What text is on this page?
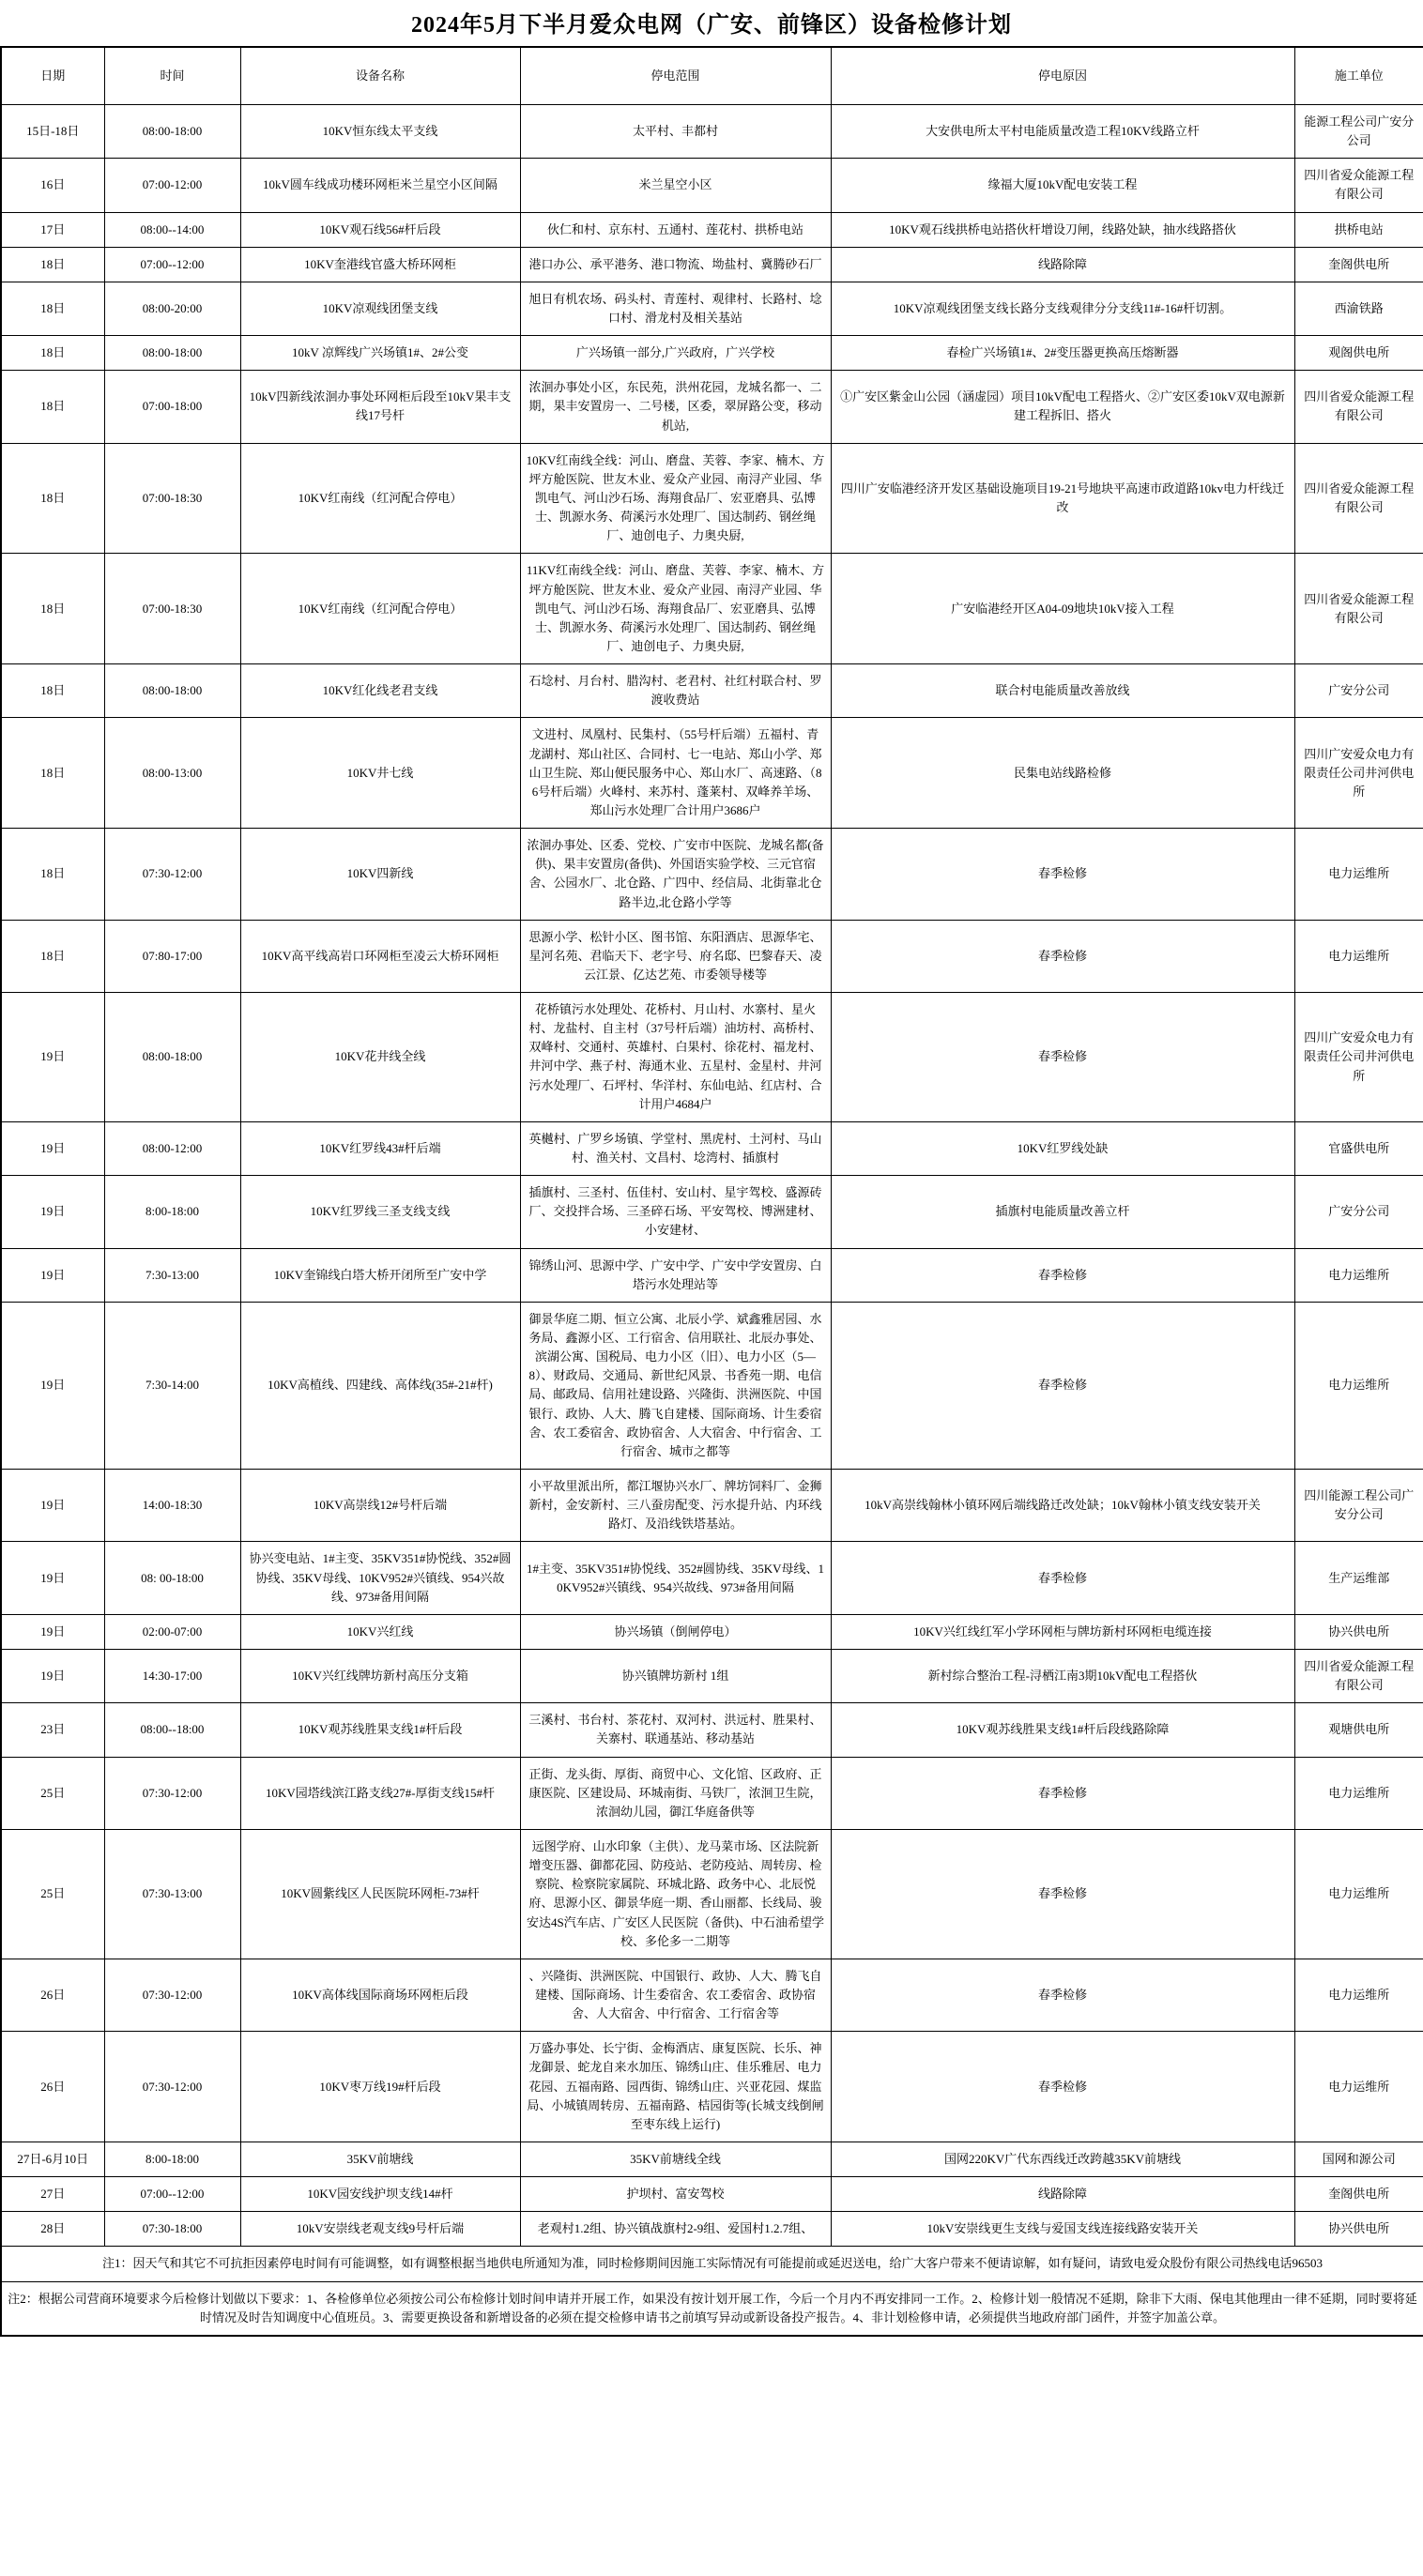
2024年5月下半月爱众电网（广安、前锋区）设备检修计划
日期	时间	设备名称	停电范围	停电原因	施工单位
15日-18日	08:00-18:00	10KV恒东线太平支线	太平村、丰都村	大安供电所太平村电能质量改造工程10KV线路立杆	能源工程公司广安分公司
16日	07:00-12:00	10kV圆车线成功楼环网柜米兰星空小区间隔	米兰星空小区	缘福大厦10kV配电安装工程	四川省爱众能源工程有限公司
17日	08:00--14:00	10KV观石线56#杆后段	伙仁和村、京东村、五通村、莲花村、拱桥电站	10KV观石线拱桥电站搭伙杆增设刀闸，线路处缺，抽水线路搭伙	拱桥电站
18日	07:00--12:00	10KV奎港线官盛大桥环网柜	港口办公、承平港务、港口物流、坳盐村、冀腾砂石厂	线路除障	奎阁供电所
18日	08:00-20:00	10KV凉观线团堡支线	旭日有机农场、码头村、青莲村、观律村、长路村、埝口村、滑龙村及相关基站	10KV凉观线团堡支线长路分支线观律分分支线11#-16#杆切割。	西渝铁路
18日	08:00-18:00	10kV 凉辉线广兴场镇1#、2#公变	广兴场镇一部分,广兴政府，广兴学校	春检广兴场镇1#、2#变压器更换高压熔断器	观阁供电所
18日	07:00-18:00	10kV四新线浓洄办事处环网柜后段至10kV果丰支线17号杆	浓洄办事处小区，东民苑，洪州花园，龙城名都一、二期，果丰安置房一、二号楼，区委，翠屏路公变，移动机站,	①广安区紫金山公园（涵虚园）项目10kV配电工程搭火、②广安区委10kV双电源新建工程拆旧、搭火	四川省爱众能源工程有限公司
18日	07:00-18:30	10KV红南线（红河配合停电）	10KV红南线全线：河山、磨盘、芙蓉、李家、楠木、方坪方舱医院、世友木业、爱众产业园、南浔产业园、华凯电气、河山沙石场、海翔食品厂、宏亚磨具、弘博士、凯源水务、荷溪污水处理厂、国达制药、钢丝绳厂、迪创电子、力奥央厨,	四川广安临港经济开发区基础设施项目19-21号地块平高速市政道路10kv电力杆线迁改	四川省爱众能源工程有限公司
18日	07:00-18:30	10KV红南线（红河配合停电）	11KV红南线全线：河山、磨盘、芙蓉、李家、楠木、方坪方舱医院、世友木业、爱众产业园、南浔产业园、华凯电气、河山沙石场、海翔食品厂、宏亚磨具、弘博士、凯源水务、荷溪污水处理厂、国达制药、钢丝绳厂、迪创电子、力奥央厨,	广安临港经开区A04-09地块10kV接入工程	四川省爱众能源工程有限公司
18日	08:00-18:00	10KV红化线老君支线	石埝村、月台村、腊沟村、老君村、社红村联合村、罗渡收费站	联合村电能质量改善放线	广安分公司
18日	08:00-13:00	10KV井七线	文进村、凤凰村、民集村、（55号杆后端）五福村、青龙湖村、郑山社区、合同村、七一电站、郑山小学、郑山卫生院、郑山便民服务中心、郑山水厂、高速路、（86号杆后端）火峰村、来苏村、蓬莱村、双峰养羊场、郑山污水处理厂合计用户3686户	民集电站线路检修	四川广安爱众电力有限责任公司井河供电所
18日	07:30-12:00	10KV四新线	浓洄办事处、区委、党校、广安市中医院、龙城名都(备供)、果丰安置房(备供)、外国语实验学校、三元官宿舍、公园水厂、北仓路、广四中、经信局、北街靠北仓路半边,北仓路小学等	春季检修	电力运维所
18日	07:80-17:00	10KV高平线高岩口环网柜至凌云大桥环网柜	思源小学、松针小区、图书馆、东阳酒店、思源华宅、星河名苑、君临天下、老字号、府名邸、巴黎春天、凌云江景、亿达艺苑、市委领导楼等	春季检修	电力运维所
19日	08:00-18:00	10KV花井线全线	花桥镇污水处理处、花桥村、月山村、水寨村、星火村、龙盐村、自主村（37号杆后端）油坊村、高桥村、双峰村、交通村、英雄村、白果村、徐花村、福龙村、井河中学、燕子村、海通木业、五星村、金星村、井河污水处理厂、石坪村、华洋村、东仙电站、红店村、合计用户4684户	春季检修	四川广安爱众电力有限责任公司井河供电所
19日	08:00-12:00	10KV红罗线43#杆后端	英樾村、广罗乡场镇、学堂村、黑虎村、土河村、马山村、渔关村、文昌村、埝湾村、插旗村	10KV红罗线处缺	官盛供电所
19日	8:00-18:00	10KV红罗线三圣支线支线	插旗村、三圣村、伍佳村、安山村、星宇驾校、盛源砖厂、交投拌合场、三圣碎石场、平安驾校、博洲建材、小安建材、	插旗村电能质量改善立杆	广安分公司
19日	7:30-13:00	10KV奎锦线白塔大桥开闭所至广安中学	锦绣山河、思源中学、广安中学、广安中学安置房、白塔污水处理站等	春季检修	电力运维所
19日	7:30-14:00	10KV高植线、四建线、高体线(35#-21#杆)	御景华庭二期、恒立公寓、北辰小学、斌鑫雅居园、水务局、鑫源小区、工行宿舍、信用联社、北辰办事处、滨湖公寓、国税局、电力小区（旧）、电力小区（5—8）、财政局、交通局、新世纪风景、书香苑一期、电信局、邮政局、信用社建设路、兴隆街、洪洲医院、中国银行、政协、人大、腾飞自建楼、国际商场、计生委宿舍、农工委宿舍、政协宿舍、人大宿舍、中行宿舍、工行宿舍、城市之都等	春季检修	电力运维所
19日	14:00-18:30	10KV高崇线12#号杆后端	小平故里派出所，都江堰协兴水厂、牌坊饲料厂、金狮新村，金安新村、三八蚕房配变、污水提升站、内环线路灯、及沿线铁塔基站。	10kV高崇线翰林小镇环网后端线路迁改处缺；10kV翰林小镇支线安装开关	四川能源工程公司广安分公司
19日	08: 00-18:00	协兴变电站、1#主变、35KV351#协悦线、352#圆协线、35KV母线、10KV952#兴镇线、954兴故线、973#备用间隔	1#主变、35KV351#协悦线、352#圆协线、35KV母线、10KV952#兴镇线、954兴故线、973#备用间隔	春季检修	生产运维部
19日	02:00-07:00	10KV兴红线	协兴场镇（倒闸停电）	10KV兴红线红军小学环网柜与牌坊新村环网柜电缆连接	协兴供电所
19日	14:30-17:00	10KV兴红线牌坊新村高压分支箱	协兴镇牌坊新村 1组	新村综合整治工程-浔栖江南3期10kV配电工程搭伙	四川省爱众能源工程有限公司
23日	08:00--18:00	10KV观苏线胜果支线1#杆后段	三溪村、书台村、茶花村、双河村、洪远村、胜果村、关寨村、联通基站、移动基站	10KV观苏线胜果支线1#杆后段线路除障	观塘供电所
25日	07:30-12:00	10KV园塔线滨江路支线27#-厚街支线15#杆	正街、龙头街、厚街、商贸中心、文化馆、区政府、正康医院、区建设局、环城南街、马铁厂，浓洄卫生院，浓洄幼儿园，御江华庭备供等	春季检修	电力运维所
25日	07:30-13:00	10KV圆紫线区人民医院环网柜-73#杆	远图学府、山水印象（主供）、龙马菜市场、区法院新增变压器、御都花园、防疫站、老防疫站、周转房、检察院、检察院家属院、环城北路、政务中心、北辰悦府、思源小区、御景华庭一期、香山丽都、长线局、骏安达4S汽车店、广安区人民医院（备供)、中石油希望学校、多伦多一二期等	春季检修	电力运维所
26日	07:30-12:00	10KV高体线国际商场环网柜后段	、兴隆街、洪洲医院、中国银行、政协、人大、腾飞自建楼、国际商场、计生委宿舍、农工委宿舍、政协宿舍、人大宿舍、中行宿舍、工行宿舍等	春季检修	电力运维所
26日	07:30-12:00	10KV枣万线19#杆后段	万盛办事处、长宁街、金梅酒店、康复医院、长乐、神龙御景、蛇龙自来水加压、锦绣山庄、佳乐雅居、电力花园、五福南路、园西街、锦绣山庄、兴亚花园、煤监局、小城镇周转房、五福南路、桔园街等(长城支线倒闸至枣东线上运行)	春季检修	电力运维所
27日-6月10日	8:00-18:00	35KV前塘线	35KV前塘线全线	国网220KV广代东西线迁改跨越35KV前塘线	国网和源公司
27日	07:00--12:00	10KV园安线护坝支线14#杆	护坝村、富安驾校	线路除障	奎阁供电所
28日	07:30-18:00	10kV安崇线老观支线9号杆后端	老观村1.2组、协兴镇战旗村2-9组、爱国村1.2.7组、	10kV安崇线更生支线与爱国支线连接线路安装开关	协兴供电所
注1：因天气和其它不可抗拒因素停电时间有可能调整，如有调整根据当地供电所通知为准，同时检修期间因施工实际情况有可能提前或延迟送电，给广大客户带来不便请谅解，如有疑问，请致电爱众股份有限公司热线电话96503					
注2：根据公司营商环境要求今后检修计划做以下要求：1、各检修单位必须按公司公布检修计划时间申请并开展工作，如果没有按计划开展工作，今后一个月内不再安排同一工作。2、检修计划一般情况不延期，除非下大雨、保电其他理由一律不延期，同时要将延时情况及时告知调度中心值班员。3、需要更换设备和新增设备的必须在提交检修申请书之前填写异动或新设备投产报告。4、非计划检修申请，必须提供当地政府部门函件，并签字加盖公章。					
